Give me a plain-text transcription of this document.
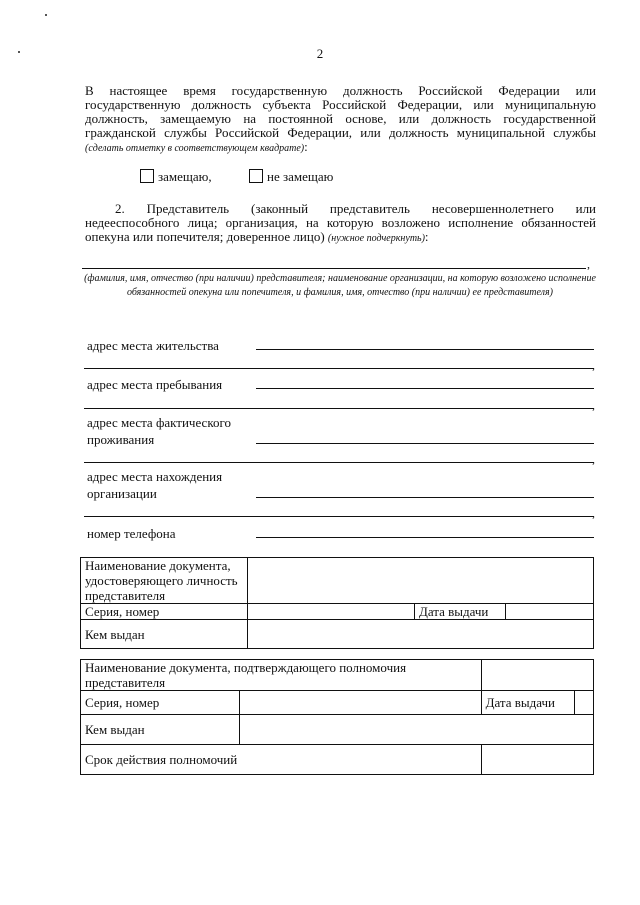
2
В настоящее время государственную должность Российской Федерации или государственную должность субъекта Российской Федерации, или муниципальную должность, замещаемую на постоянной основе, или должность государственной гражданской службы Российской Федерации, или должность муниципальной службы (сделать отметку в соответствующем квадрате):
замещаю,	не замещаю
2. Представитель (законный представитель несовершеннолетнего или недееспособного лица; организация, на которую возложено исполнение обязанностей опекуна или попечителя; доверенное лицо) (нужное подчеркнуть):
,
(фамилия, имя, отчество (при наличии) представителя; наименование организации, на которую возложено исполнение обязанностей опекуна или попечителя, и фамилия, имя, отчество (при наличии) ее представителя)
адрес места жительства
,
адрес места пребывания
,
адрес места фактического проживания
,
адрес места нахождения организации
,
номер телефона
Наименование документа, удостоверяющего личность представителя			
Серия, номер		Дата выдачи	
Кем выдан			
Наименование документа, подтверждающего полномочия представителя			
Серия, номер		Дата выдачи	
Кем выдан			
Срок действия полномочий			
